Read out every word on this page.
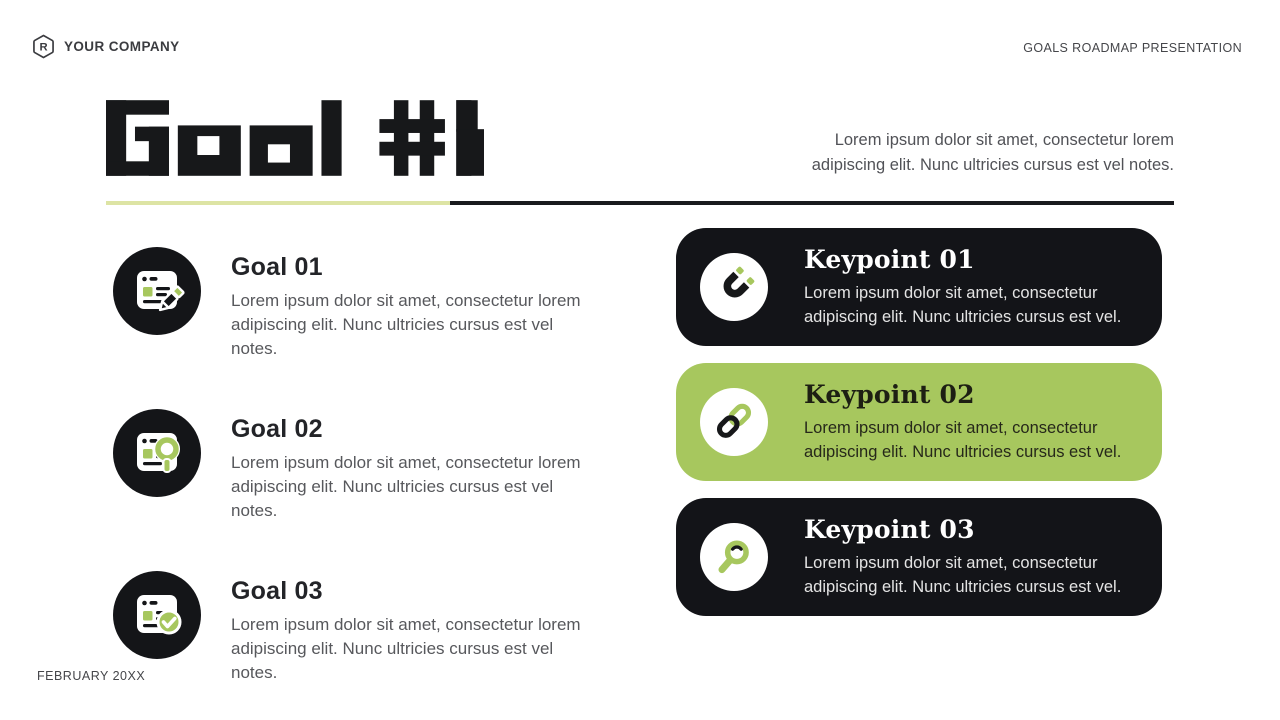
R YOUR COMPANY	GOALS ROADMAP PRESENTATION

Lorem ipsum dolor sit amet, consectetur lorem adipiscing elit. Nunc ultricies cursus est vel notes.

Goal 01

Lorem ipsum dolor sit amet, consectetur lorem adipiscing elit. Nunc ultricies cursus est vel notes.

Goal 02

Lorem ipsum dolor sit amet, consectetur lorem adipiscing elit. Nunc ultricies cursus est vel notes.

Goal 03

Lorem ipsum dolor sit amet, consectetur lorem adipiscing elit. Nunc ultricies cursus est vel notes.

Keypoint 01

Lorem ipsum dolor sit amet, consectetur adipiscing elit. Nunc ultricies cursus est vel.

Keypoint 02

Lorem ipsum dolor sit amet, consectetur adipiscing elit. Nunc ultricies cursus est vel.

Keypoint 03

Lorem ipsum dolor sit amet, consectetur adipiscing elit. Nunc ultricies cursus est vel.

FEBRUARY 20XX
